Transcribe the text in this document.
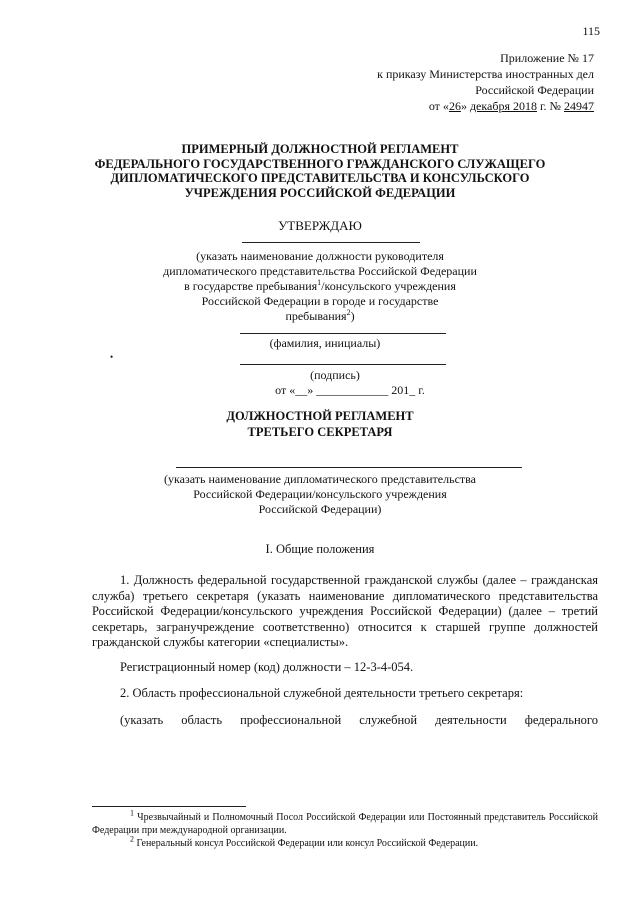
115
Приложение № 17
к приказу Министерства иностранных дел
Российской Федерации
от «26» декабря 2018 г. № 24947
ПРИМЕРНЫЙ ДОЛЖНОСТНОЙ РЕГЛАМЕНТ
ФЕДЕРАЛЬНОГО ГОСУДАРСТВЕННОГО ГРАЖДАНСКОГО СЛУЖАЩЕГО
ДИПЛОМАТИЧЕСКОГО ПРЕДСТАВИТЕЛЬСТВА И КОНСУЛЬСКОГО
УЧРЕЖДЕНИЯ РОССИЙСКОЙ ФЕДЕРАЦИИ
УТВЕРЖДАЮ
(указать наименование должности руководителя
дипломатического представительства Российской Федерации
в государстве пребывания$^1$/консульского учреждения
Российской Федерации в городе и государстве
пребывания$^2$)
(фамилия, инициалы)
•
(подпись)
от «__» ____________ 201_ г.
ДОЛЖНОСТНОЙ РЕГЛАМЕНТ
ТРЕТЬЕГО СЕКРЕТАРЯ
(указать наименование дипломатического представительства
Российской Федерации/консульского учреждения
Российской Федерации)
I. Общие положения

1. Должность федеральной государственной гражданской службы (далее – гражданская служба) третьего секретаря (указать наименование дипломатического представительства Российской Федерации/консульского учреждения Российской Федерации) (далее – третий секретарь, загранучреждение соответственно) относится к старшей группе должностей гражданской службы категории «специалисты».

Регистрационный номер (код) должности – 12-3-4-054.

2. Область профессиональной служебной деятельности третьего секретаря:

(указать область профессиональной служебной деятельности федерального

$^1$ Чрезвычайный и Полномочный Посол Российской Федерации или Постоянный представитель Российской Федерации при международной организации.

$^2$ Генеральный консул Российской Федерации или консул Российской Федерации.
